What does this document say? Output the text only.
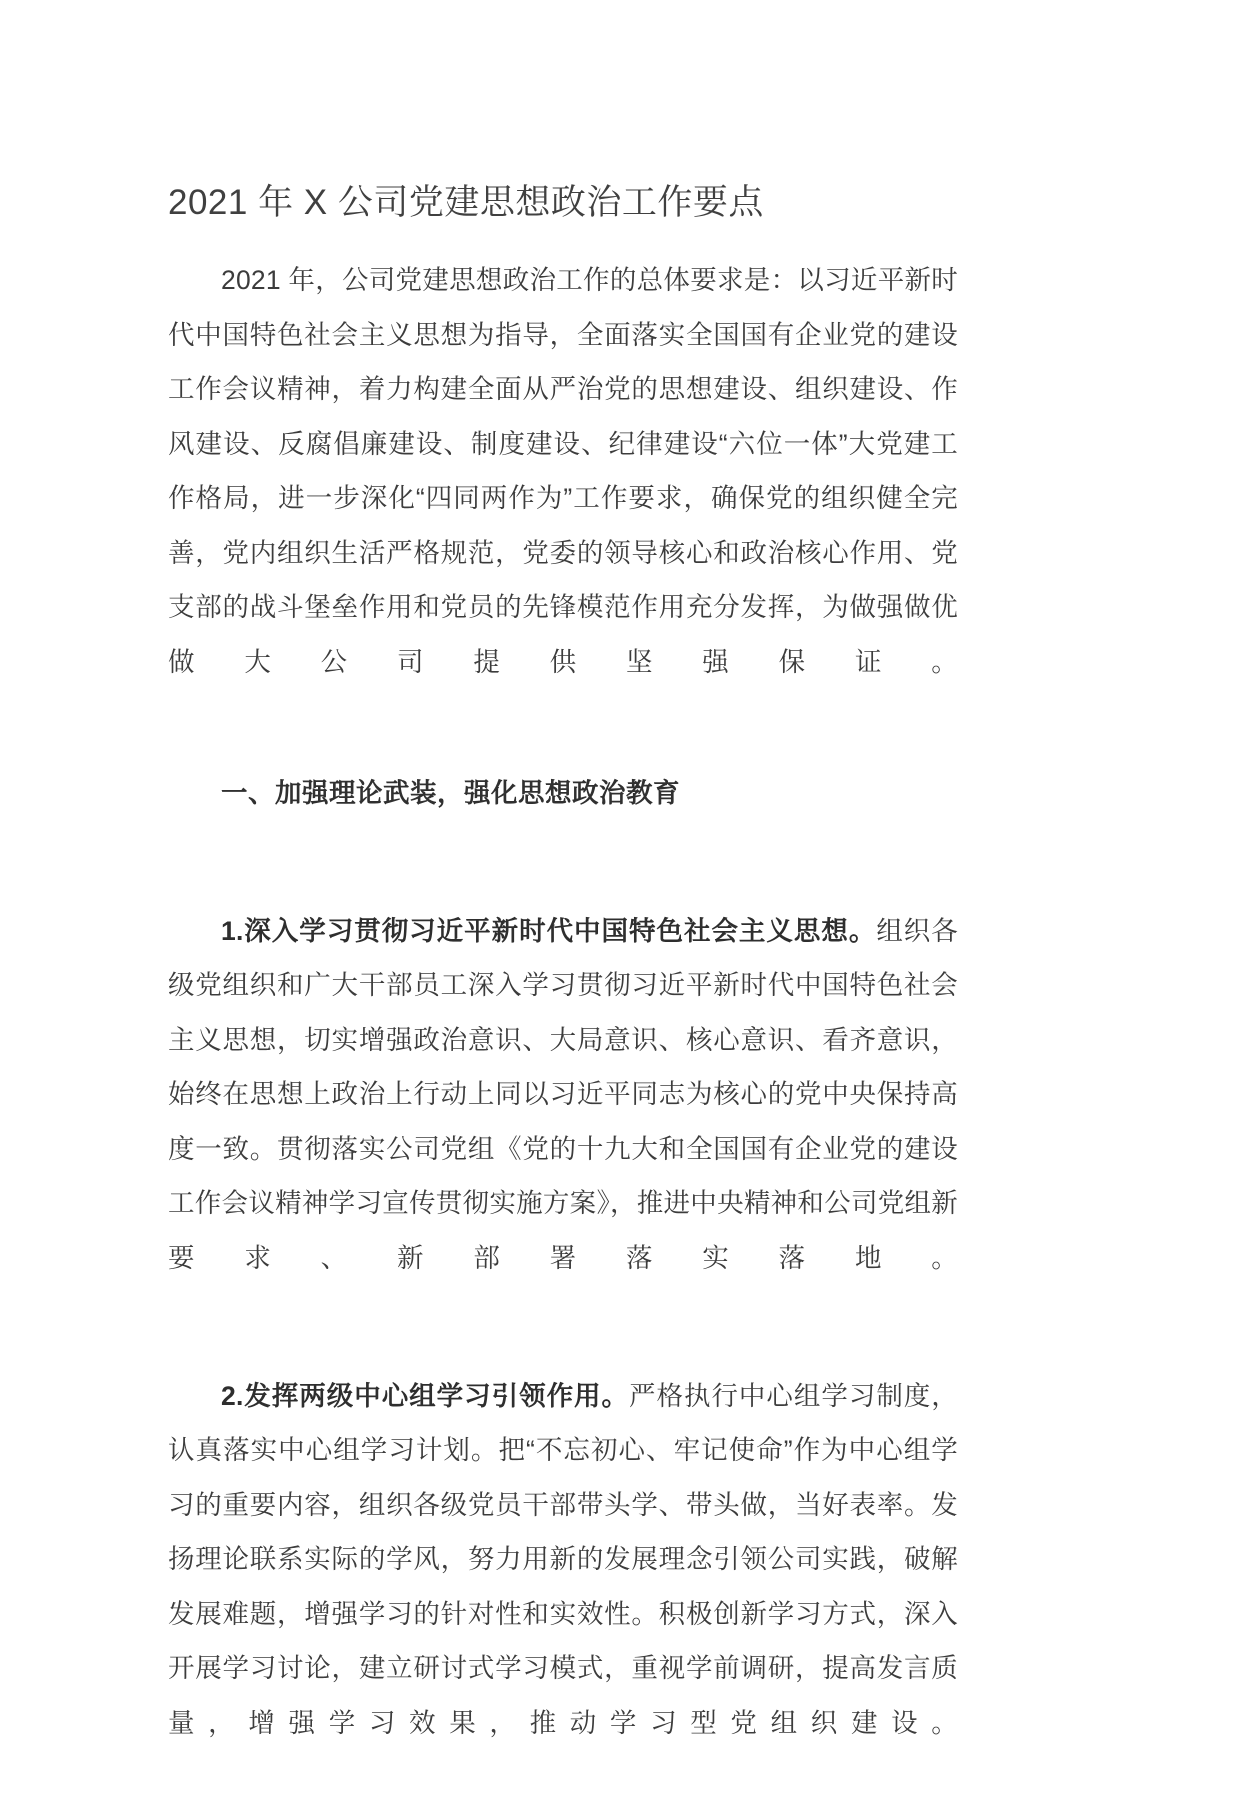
2021 年 X 公司党建思想政治工作要点

2021 年，公司党建思想政治工作的总体要求是：以习近平新时代中国特色社会主义思想为指导，全面落实全国国有企业党的建设工作会议精神，着力构建全面从严治党的思想建设、组织建设、作风建设、反腐倡廉建设、制度建设、纪律建设“六位一体”大党建工作格局，进一步深化“四同两作为”工作要求，确保党的组织健全完善，党内组织生活严格规范，党委的领导核心和政治核心作用、党支部的战斗堡垒作用和党员的先锋模范作用充分发挥，为做强做优做大公司提供坚强保证。

一、加强理论武装，强化思想政治教育

1.深入学习贯彻习近平新时代中国特色社会主义思想。组织各级党组织和广大干部员工深入学习贯彻习近平新时代中国特色社会主义思想，切实增强政治意识、大局意识、核心意识、看齐意识，始终在思想上政治上行动上同以习近平同志为核心的党中央保持高度一致。贯彻落实公司党组《党的十九大和全国国有企业党的建设工作会议精神学习宣传贯彻实施方案》，推进中央精神和公司党组新要求、新部署落实落地。

2.发挥两级中心组学习引领作用。严格执行中心组学习制度，认真落实中心组学习计划。把“不忘初心、牢记使命”作为中心组学习的重要内容，组织各级党员干部带头学、带头做，当好表率。发扬理论联系实际的学风，努力用新的发展理念引领公司实践，破解发展难题，增强学习的针对性和实效性。积极创新学习方式，深入开展学习讨论，建立研讨式学习模式，重视学前调研，提高发言质量，增强学习效果，推动学习型党组织建设。
